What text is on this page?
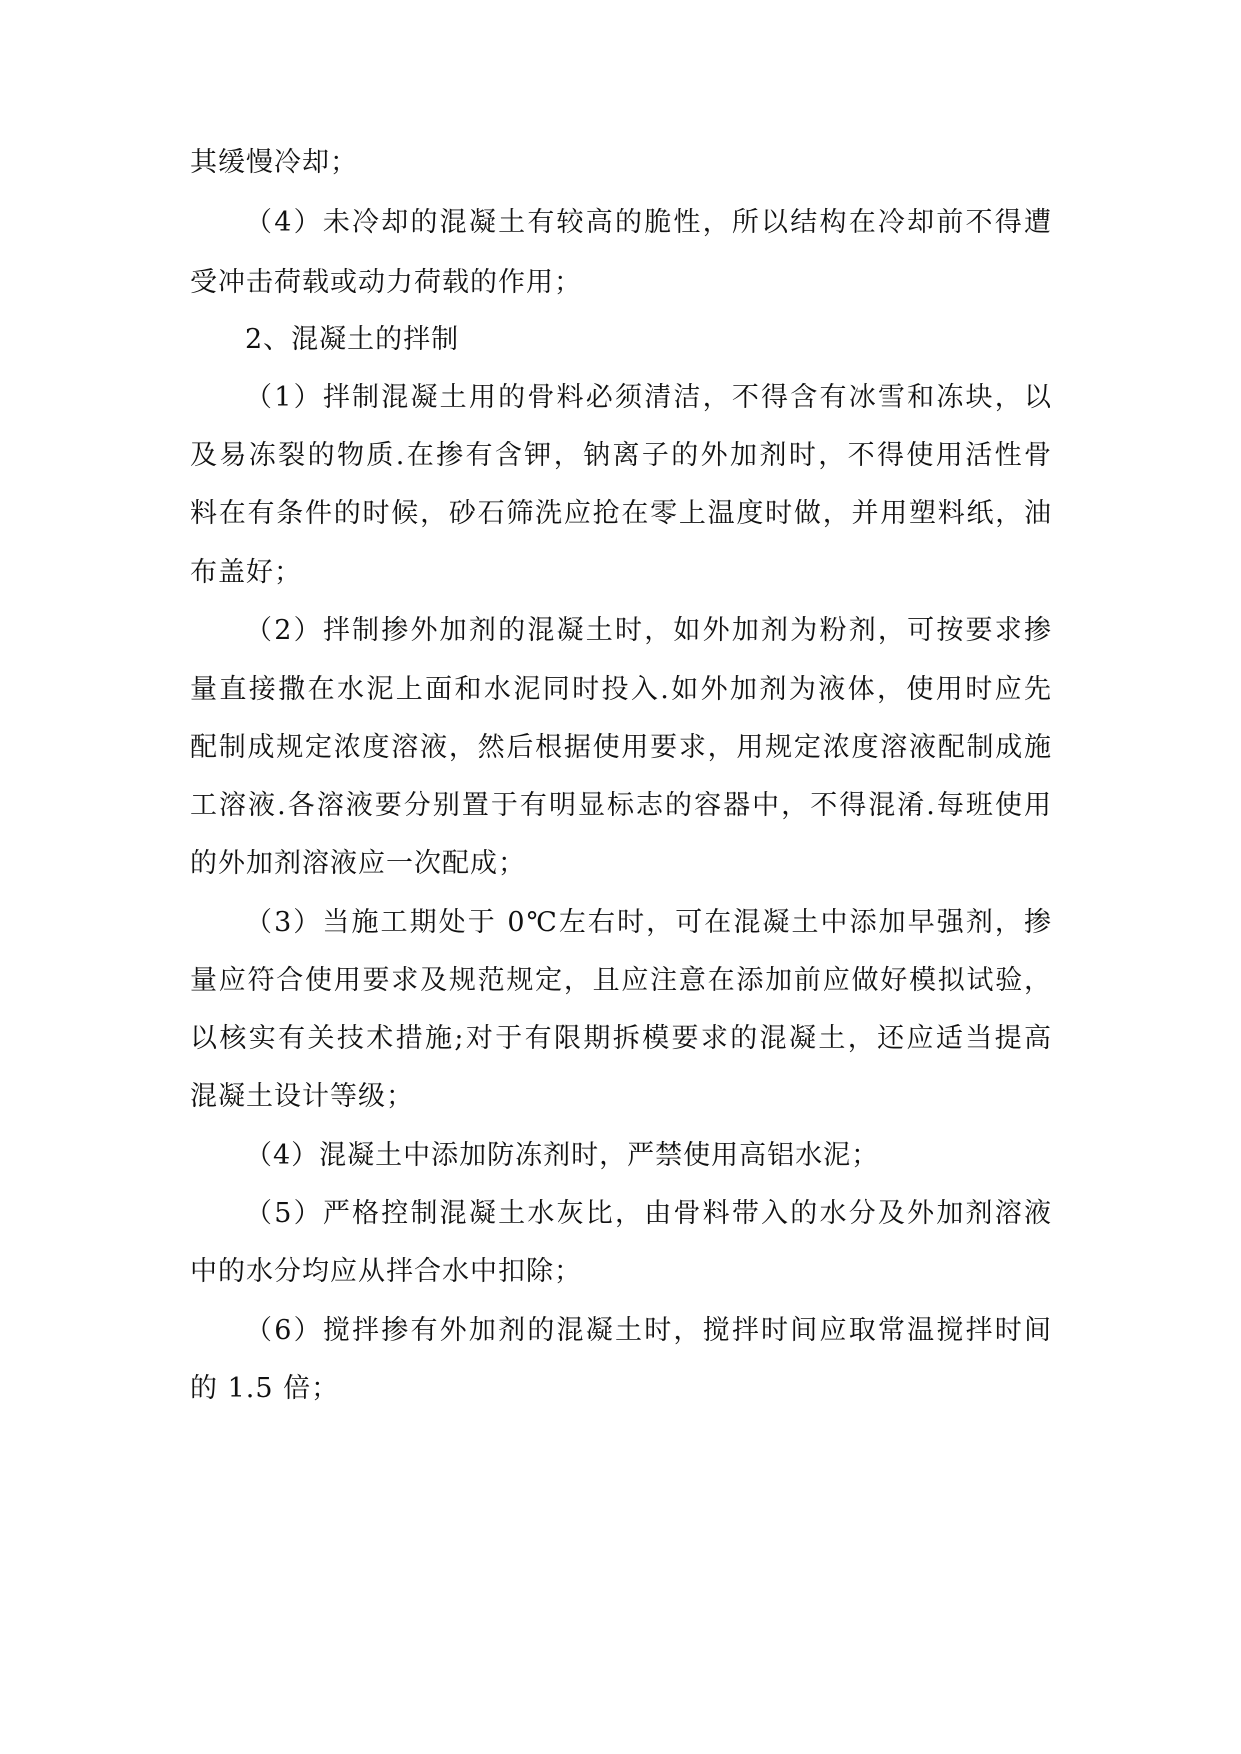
其缓慢冷却；
（4）未冷却的混凝土有较高的脆性，所以结构在冷却前不得遭
受冲击荷载或动力荷载的作用；
2、混凝土的拌制
（1）拌制混凝土用的骨料必须清洁，不得含有冰雪和冻块，以
及易冻裂的物质.在掺有含钾，钠离子的外加剂时，不得使用活性骨
料在有条件的时候，砂石筛洗应抢在零上温度时做，并用塑料纸，油
布盖好；
（2）拌制掺外加剂的混凝土时，如外加剂为粉剂，可按要求掺
量直接撒在水泥上面和水泥同时投入.如外加剂为液体，使用时应先
配制成规定浓度溶液，然后根据使用要求，用规定浓度溶液配制成施
工溶液.各溶液要分别置于有明显标志的容器中，不得混淆.每班使用
的外加剂溶液应一次配成；
（3）当施工期处于 0℃左右时，可在混凝土中添加早强剂，掺
量应符合使用要求及规范规定，且应注意在添加前应做好模拟试验，
以核实有关技术措施;对于有限期拆模要求的混凝土，还应适当提高
混凝土设计等级；
（4）混凝土中添加防冻剂时，严禁使用高铝水泥；
（5）严格控制混凝土水灰比，由骨料带入的水分及外加剂溶液
中的水分均应从拌合水中扣除；
（6）搅拌掺有外加剂的混凝土时，搅拌时间应取常温搅拌时间
的 1.5 倍；
